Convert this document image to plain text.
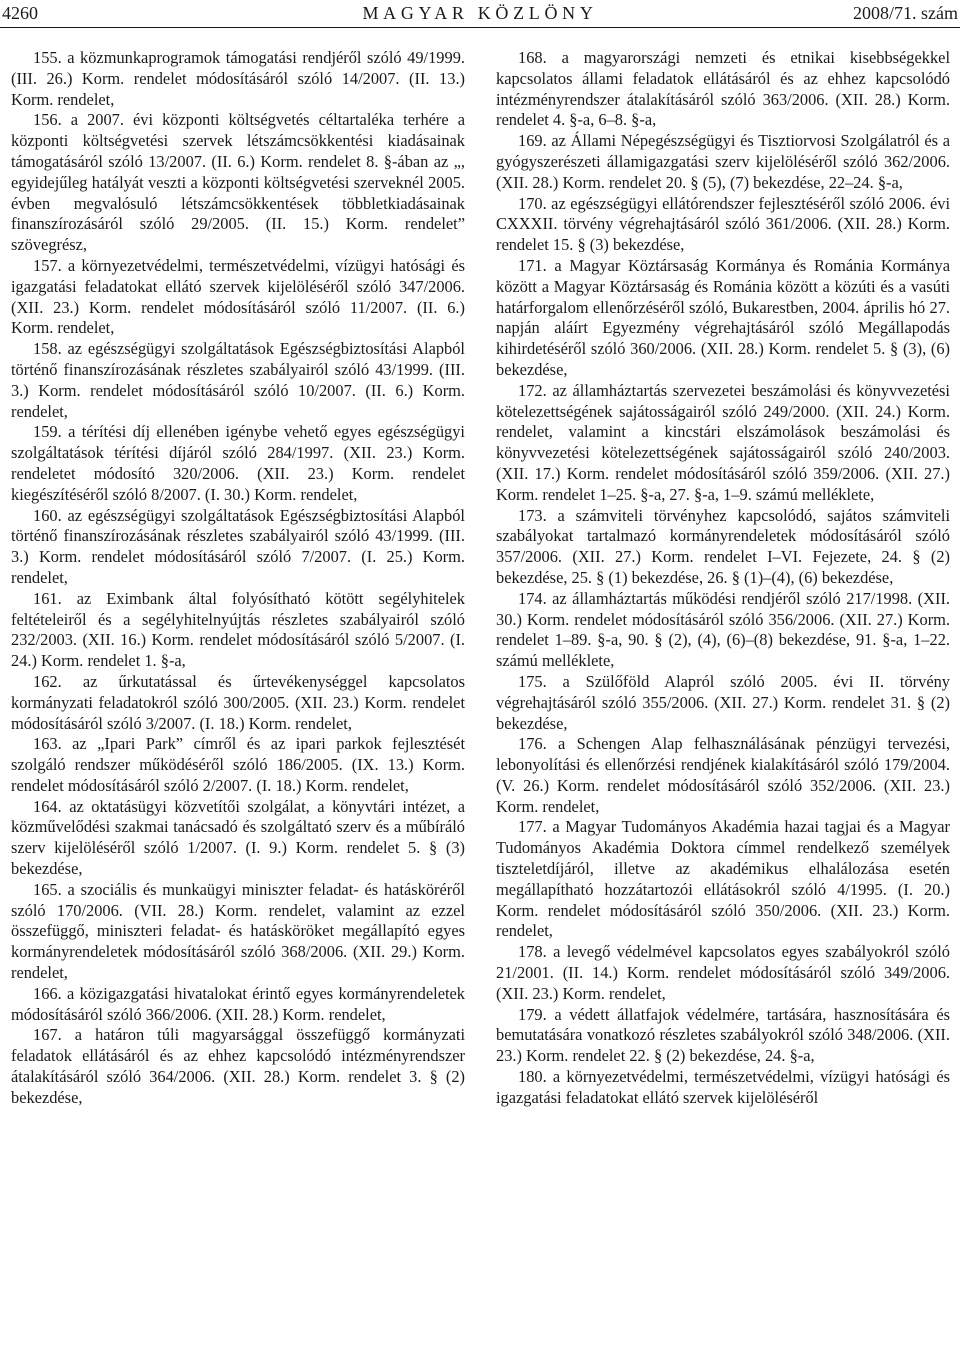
4260	MAGYAR KÖZLÖNY	2008/71. szám

155. a közmunkaprogramok támogatási rendjéről szóló 49/1999. (III. 26.) Korm. rendelet módosításáról szóló 14/2007. (II. 13.) Korm. rendelet,

156. a 2007. évi központi költségvetés céltartaléka terhére a központi költségvetési szervek létszámcsökkentési kiadásainak támogatásáról szóló 13/2007. (II. 6.) Korm. rendelet 8. §-ában az „, egyidejűleg hatályát veszti a központi költségvetési szerveknél 2005. évben megvalósuló létszámcsökkentések többletkiadásainak finanszírozásáról szóló 29/2005. (II. 15.) Korm. rendelet” szövegrész,

157. a környezetvédelmi, természetvédelmi, vízügyi hatósági és igazgatási feladatokat ellátó szervek kijelöléséről szóló 347/2006. (XII. 23.) Korm. rendelet módosításáról szóló 11/2007. (II. 6.) Korm. rendelet,

158. az egészségügyi szolgáltatások Egészségbiztosítási Alapból történő finanszírozásának részletes szabályairól szóló 43/1999. (III. 3.) Korm. rendelet módosításáról szóló 10/2007. (II. 6.) Korm. rendelet,

159. a térítési díj ellenében igénybe vehető egyes egészségügyi szolgáltatások térítési díjáról szóló 284/1997. (XII. 23.) Korm. rendeletet módosító 320/2006. (XII. 23.) Korm. rendelet kiegészítéséről szóló 8/2007. (I. 30.) Korm. rendelet,

160. az egészségügyi szolgáltatások Egészségbiztosítási Alapból történő finanszírozásának részletes szabályairól szóló 43/1999. (III. 3.) Korm. rendelet módosításáról szóló 7/2007. (I. 25.) Korm. rendelet,

161. az Eximbank által folyósítható kötött segélyhitelek feltételeiről és a segélyhitelnyújtás részletes szabályairól szóló 232/2003. (XII. 16.) Korm. rendelet módosításáról szóló 5/2007. (I. 24.) Korm. rendelet 1. §-a,

162. az űrkutatással és űrtevékenységgel kapcsolatos kormányzati feladatokról szóló 300/2005. (XII. 23.) Korm. rendelet módosításáról szóló 3/2007. (I. 18.) Korm. rendelet,

163. az „Ipari Park” címről és az ipari parkok fejlesztését szolgáló rendszer működéséről szóló 186/2005. (IX. 13.) Korm. rendelet módosításáról szóló 2/2007. (I. 18.) Korm. rendelet,

164. az oktatásügyi közvetítői szolgálat, a könyvtári intézet, a közművelődési szakmai tanácsadó és szolgáltató szerv és a műbíráló szerv kijelöléséről szóló 1/2007. (I. 9.) Korm. rendelet 5. § (3) bekezdése,

165. a szociális és munkaügyi miniszter feladat- és hatásköréről szóló 170/2006. (VII. 28.) Korm. rendelet, valamint az ezzel összefüggő, miniszteri feladat- és hatásköröket megállapító egyes kormányrendeletek módosításáról szóló 368/2006. (XII. 29.) Korm. rendelet,

166. a közigazgatási hivatalokat érintő egyes kormányrendeletek módosításáról szóló 366/2006. (XII. 28.) Korm. rendelet,

167. a határon túli magyarsággal összefüggő kormányzati feladatok ellátásáról és az ehhez kapcsolódó intézményrendszer átalakításáról szóló 364/2006. (XII. 28.) Korm. rendelet 3. § (2) bekezdése,

168. a magyarországi nemzeti és etnikai kisebbségekkel kapcsolatos állami feladatok ellátásáról és az ehhez kapcsolódó intézményrendszer átalakításáról szóló 363/2006. (XII. 28.) Korm. rendelet 4. §-a, 6–8. §-a,

169. az Állami Népegészségügyi és Tisztiorvosi Szolgálatról és a gyógyszerészeti államigazgatási szerv kijelöléséről szóló 362/2006. (XII. 28.) Korm. rendelet 20. § (5), (7) bekezdése, 22–24. §-a,

170. az egészségügyi ellátórendszer fejlesztéséről szóló 2006. évi CXXXII. törvény végrehajtásáról szóló 361/2006. (XII. 28.) Korm. rendelet 15. § (3) bekezdése,

171. a Magyar Köztársaság Kormánya és Románia Kormánya között a Magyar Köztársaság és Románia között a közúti és a vasúti határforgalom ellenőrzéséről szóló, Bukarestben, 2004. április hó 27. napján aláírt Egyezmény végrehajtásáról szóló Megállapodás kihirdetéséről szóló 360/2006. (XII. 28.) Korm. rendelet 5. § (3), (6) bekezdése,

172. az államháztartás szervezetei beszámolási és könyvvezetési kötelezettségének sajátosságairól szóló 249/2000. (XII. 24.) Korm. rendelet, valamint a kincstári elszámolások beszámolási és könyvvezetési kötelezettségének sajátosságairól szóló 240/2003. (XII. 17.) Korm. rendelet módosításáról szóló 359/2006. (XII. 27.) Korm. rendelet 1–25. §-a, 27. §-a, 1–9. számú melléklete,

173. a számviteli törvényhez kapcsolódó, sajátos számviteli szabályokat tartalmazó kormányrendeletek módosításáról szóló 357/2006. (XII. 27.) Korm. rendelet I–VI. Fejezete, 24. § (2) bekezdése, 25. § (1) bekezdése, 26. § (1)–(4), (6) bekezdése,

174. az államháztartás működési rendjéről szóló 217/1998. (XII. 30.) Korm. rendelet módosításáról szóló 356/2006. (XII. 27.) Korm. rendelet 1–89. §-a, 90. § (2), (4), (6)–(8) bekezdése, 91. §-a, 1–22. számú melléklete,

175. a Szülőföld Alapról szóló 2005. évi II. törvény végrehajtásáról szóló 355/2006. (XII. 27.) Korm. rendelet 31. § (2) bekezdése,

176. a Schengen Alap felhasználásának pénzügyi tervezési, lebonyolítási és ellenőrzési rendjének kialakításáról szóló 179/2004. (V. 26.) Korm. rendelet módosításáról szóló 352/2006. (XII. 23.) Korm. rendelet,

177. a Magyar Tudományos Akadémia hazai tagjai és a Magyar Tudományos Akadémia Doktora címmel rendelkező személyek tiszteletdíjáról, illetve az akadémikus elhalálozása esetén megállapítható hozzátartozói ellátásokról szóló 4/1995. (I. 20.) Korm. rendelet módosításáról szóló 350/2006. (XII. 23.) Korm. rendelet,

178. a levegő védelmével kapcsolatos egyes szabályokról szóló 21/2001. (II. 14.) Korm. rendelet módosításáról szóló 349/2006. (XII. 23.) Korm. rendelet,

179. a védett állatfajok védelmére, tartására, hasznosítására és bemutatására vonatkozó részletes szabályokról szóló 348/2006. (XII. 23.) Korm. rendelet 22. § (2) bekezdése, 24. §-a,

180. a környezetvédelmi, természetvédelmi, vízügyi hatósági és igazgatási feladatokat ellátó szervek kijelöléséről
